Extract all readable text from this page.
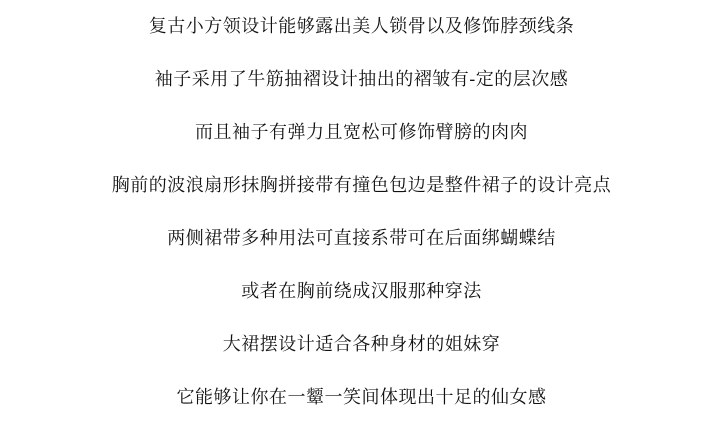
复古小方领设计能够露出美人锁骨以及修饰脖颈线条
袖子采用了牛筋抽褶设计抽出的褶皱有-定的层次感
而且袖子有弹力且宽松可修饰臂膀的肉肉
胸前的波浪扇形抹胸拼接带有撞色包边是整件裙子的设计亮点
两侧裙带多种用法可直接系带可在后面绑蝴蝶结
或者在胸前绕成汉服那种穿法
大裙摆设计适合各种身材的姐妹穿
它能够让你在一颦一笑间体现出十足的仙女感
